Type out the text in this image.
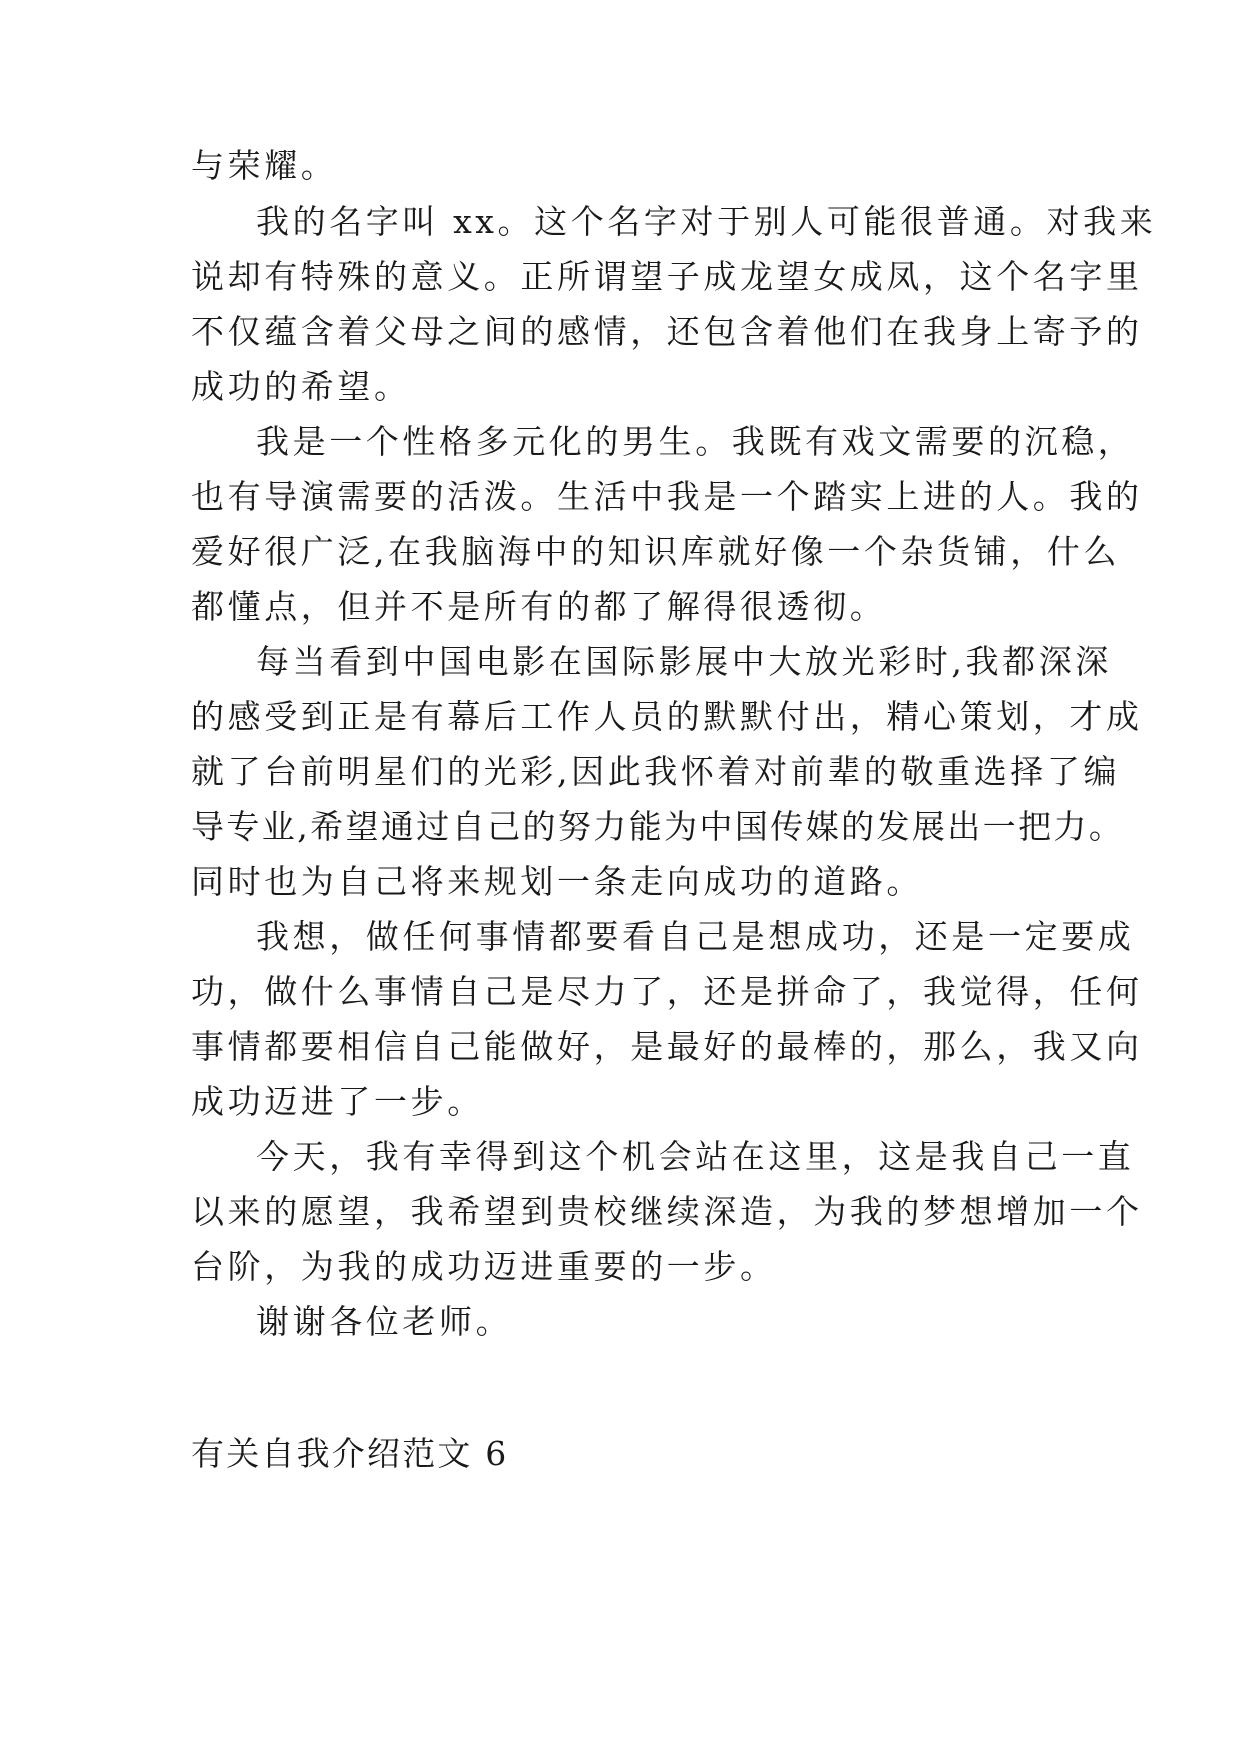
与荣耀。
我的名字叫 xx。这个名字对于别人可能很普通。对我来
说却有特殊的意义。正所谓望子成龙望女成凤，这个名字里
不仅蕴含着父母之间的感情，还包含着他们在我身上寄予的
成功的希望。
我是一个性格多元化的男生。我既有戏文需要的沉稳，
也有导演需要的活泼。生活中我是一个踏实上进的人。我的
爱好很广泛,在我脑海中的知识库就好像一个杂货铺，什么
都懂点，但并不是所有的都了解得很透彻。
每当看到中国电影在国际影展中大放光彩时,我都深深
的感受到正是有幕后工作人员的默默付出，精心策划，才成
就了台前明星们的光彩,因此我怀着对前辈的敬重选择了编
导专业,希望通过自己的努力能为中国传媒的发展出一把力。
同时也为自己将来规划一条走向成功的道路。
我想，做任何事情都要看自己是想成功，还是一定要成
功，做什么事情自己是尽力了，还是拼命了，我觉得，任何
事情都要相信自己能做好，是最好的最棒的，那么，我又向
成功迈进了一步。
今天，我有幸得到这个机会站在这里，这是我自己一直
以来的愿望，我希望到贵校继续深造，为我的梦想增加一个
台阶，为我的成功迈进重要的一步。
谢谢各位老师。
有关自我介绍范文 6
